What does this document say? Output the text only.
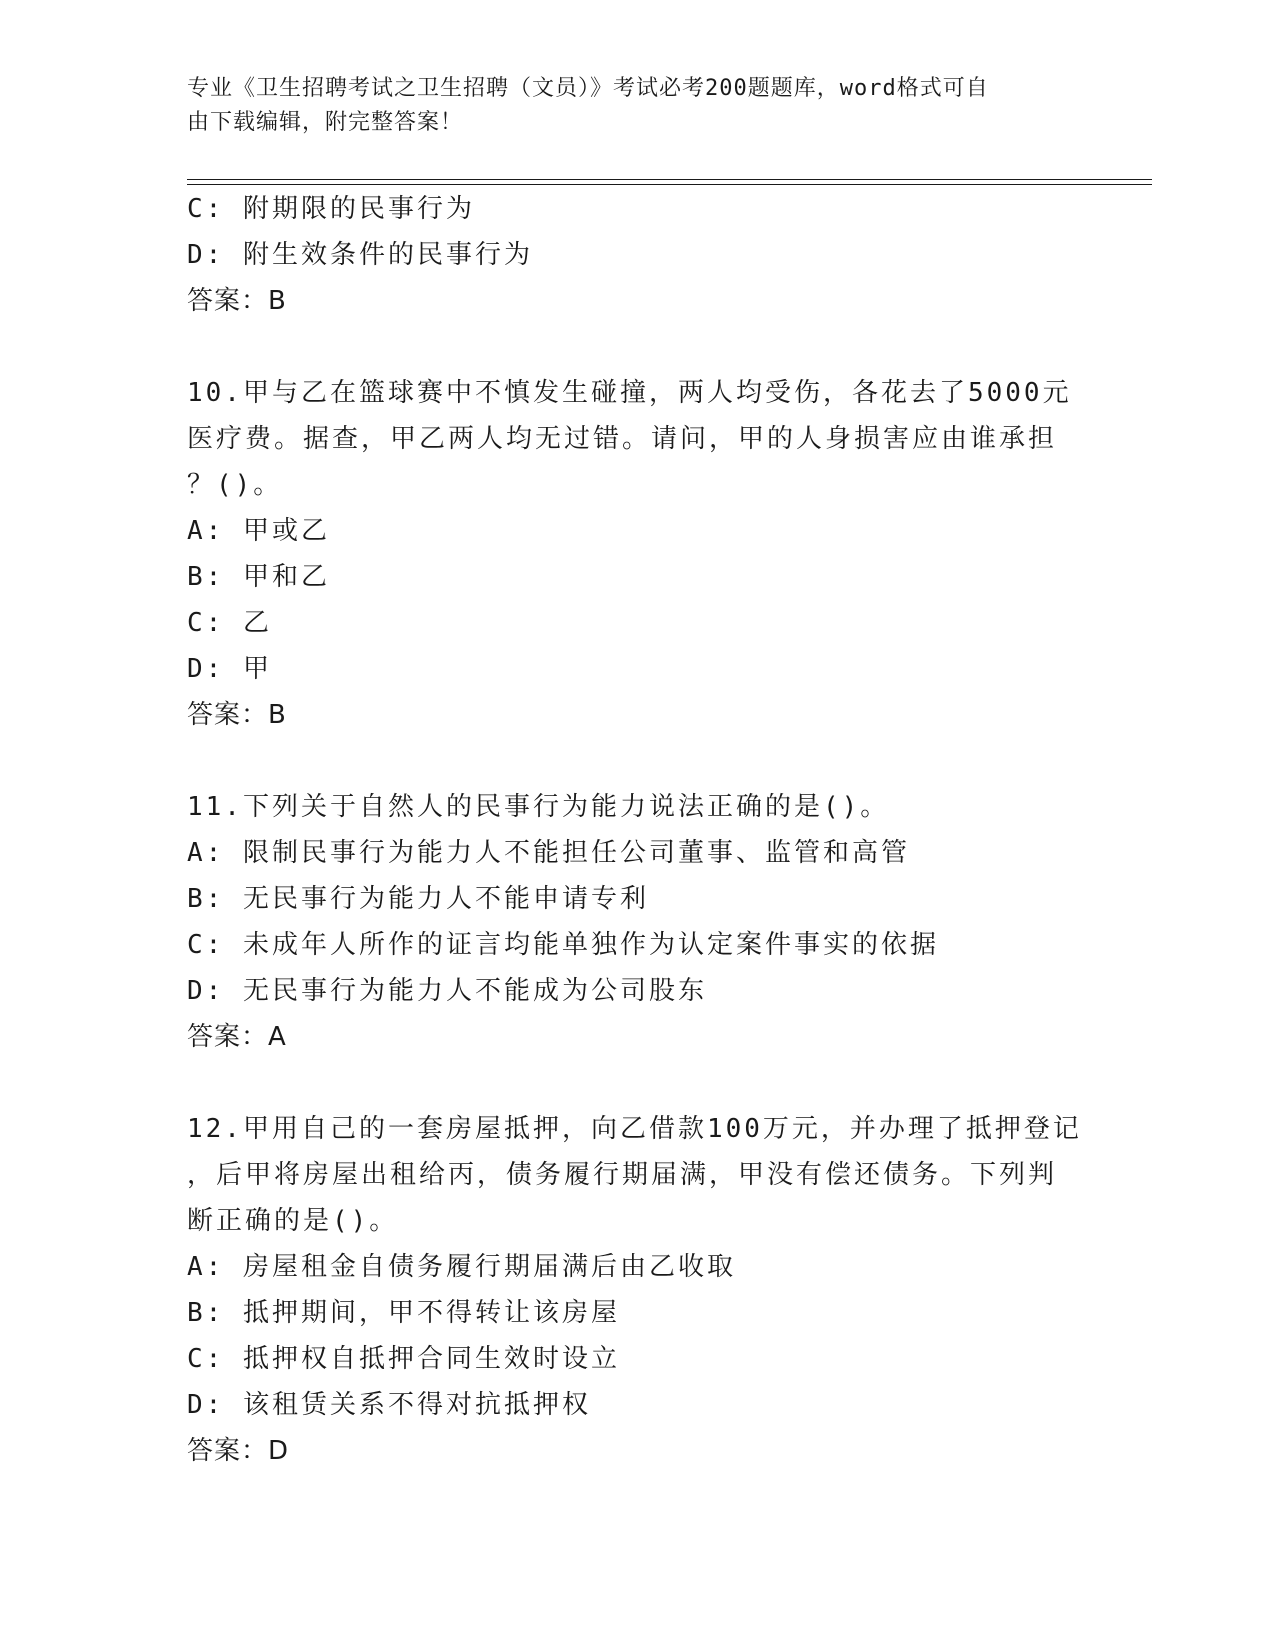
专业《卫生招聘考试之卫生招聘（文员）》考试必考200题题库，word格式可自
由下载编辑，附完整答案！
C: 附期限的民事行为
D: 附生效条件的民事行为
答案：B
10.甲与乙在篮球赛中不慎发生碰撞，两人均受伤，各花去了5000元
医疗费。据查，甲乙两人均无过错。请问，甲的人身损害应由谁承担
？()。
A: 甲或乙
B: 甲和乙
C: 乙
D: 甲
答案：B
11.下列关于自然人的民事行为能力说法正确的是()。
A: 限制民事行为能力人不能担任公司董事、监管和高管
B: 无民事行为能力人不能申请专利
C: 未成年人所作的证言均能单独作为认定案件事实的依据
D: 无民事行为能力人不能成为公司股东
答案：A
12.甲用自己的一套房屋抵押，向乙借款100万元，并办理了抵押登记
，后甲将房屋出租给丙，债务履行期届满，甲没有偿还债务。下列判
断正确的是()。
A: 房屋租金自债务履行期届满后由乙收取
B: 抵押期间，甲不得转让该房屋
C: 抵押权自抵押合同生效时设立
D: 该租赁关系不得对抗抵押权
答案：D
